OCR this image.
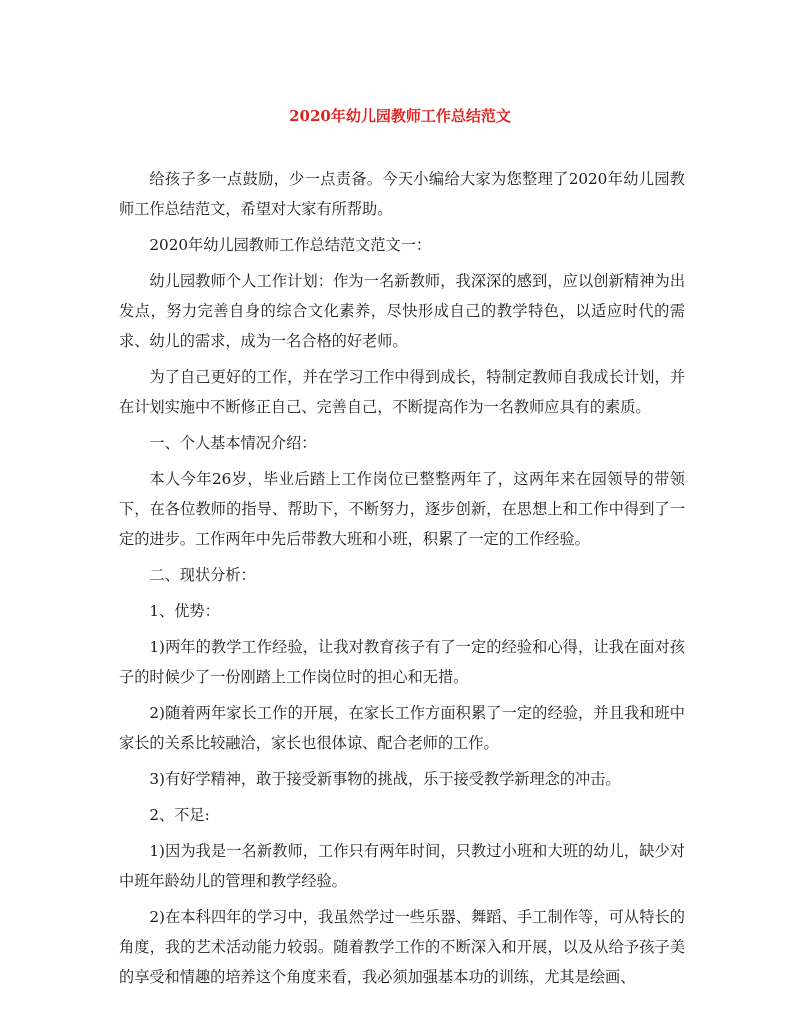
2020年幼儿园教师工作总结范文

给孩子多一点鼓励，少一点责备。今天小编给大家为您整理了2020年幼儿园教师工作总结范文，希望对大家有所帮助。

2020年幼儿园教师工作总结范文范文一：

幼儿园教师个人工作计划：作为一名新教师，我深深的感到，应以创新精神为出发点，努力完善自身的综合文化素养，尽快形成自己的教学特色，以适应时代的需求、幼儿的需求，成为一名合格的好老师。

为了自己更好的工作，并在学习工作中得到成长，特制定教师自我成长计划，并在计划实施中不断修正自己、完善自己，不断提高作为一名教师应具有的素质。

一、个人基本情况介绍：

本人今年26岁，毕业后踏上工作岗位已整整两年了，这两年来在园领导的带领下，在各位教师的指导、帮助下，不断努力，逐步创新，在思想上和工作中得到了一定的进步。工作两年中先后带教大班和小班，积累了一定的工作经验。

二、现状分析：

1、优势：

1)两年的教学工作经验，让我对教育孩子有了一定的经验和心得，让我在面对孩子的时候少了一份刚踏上工作岗位时的担心和无措。

2)随着两年家长工作的开展，在家长工作方面积累了一定的经验，并且我和班中家长的关系比较融洽，家长也很体谅、配合老师的工作。

3)有好学精神，敢于接受新事物的挑战，乐于接受教学新理念的冲击。

2、不足:

1)因为我是一名新教师，工作只有两年时间，只教过小班和大班的幼儿，缺少对中班年龄幼儿的管理和教学经验。

2)在本科四年的学习中，我虽然学过一些乐器、舞蹈、手工制作等，可从特长的角度，我的艺术活动能力较弱。随着教学工作的不断深入和开展，以及从给予孩子美的享受和情趣的培养这个角度来看，我必须加强基本功的训练，尤其是绘画、
